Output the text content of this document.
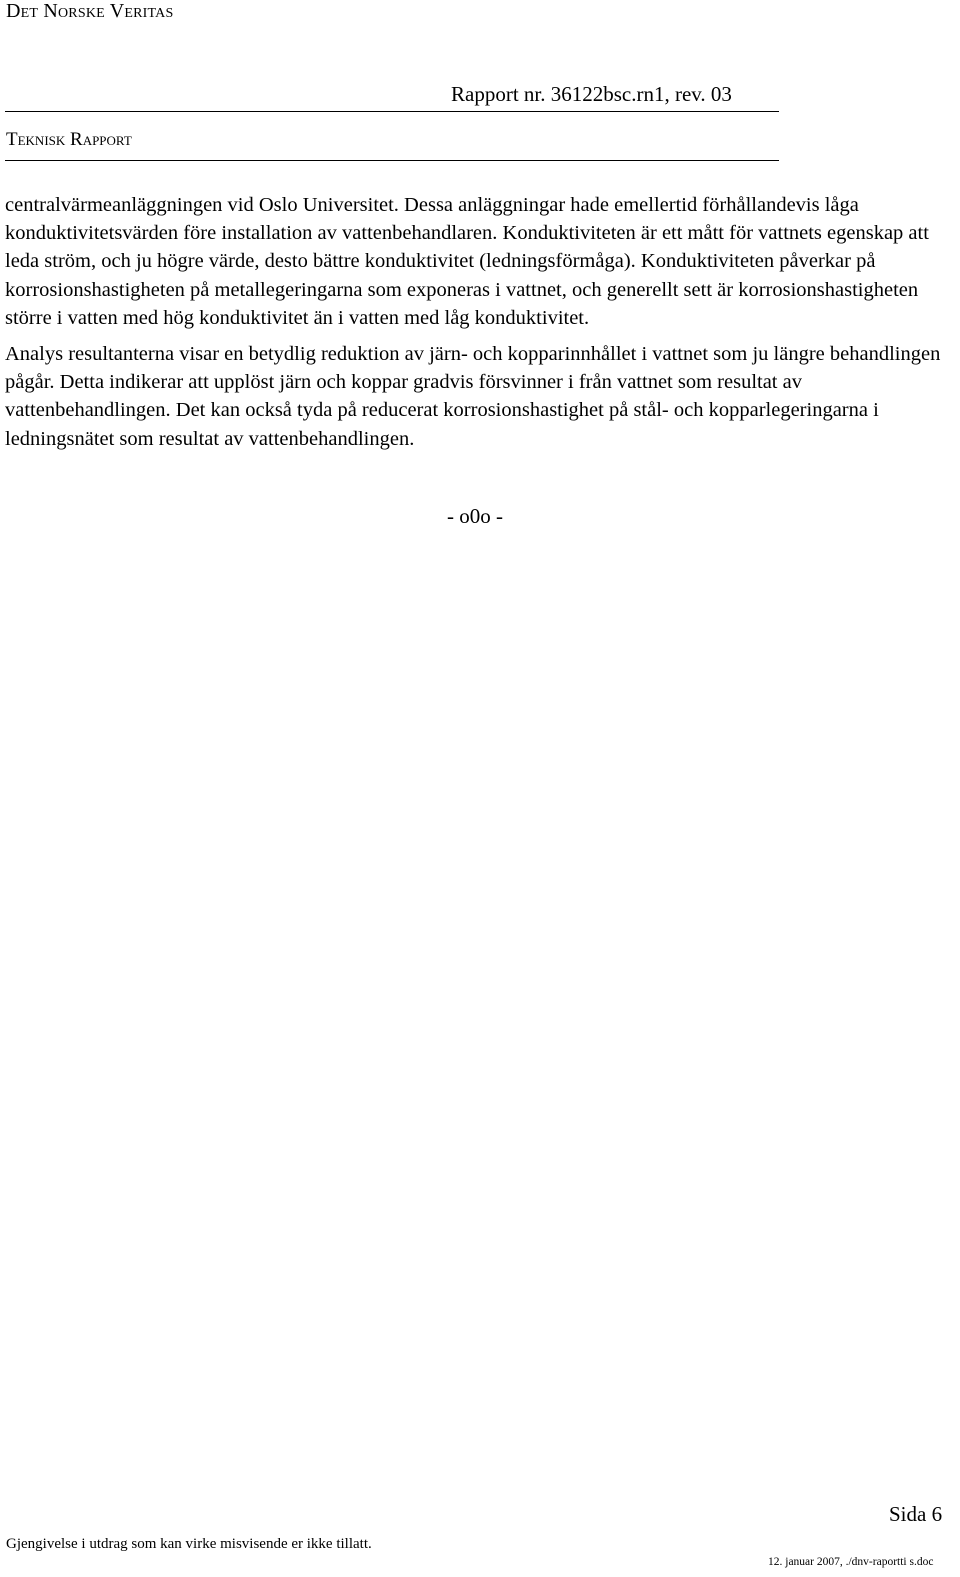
Det Norske Veritas
Rapport nr. 36122bsc.rn1, rev. 03
Teknisk Rapport

centralvärmeanläggningen vid Oslo Universitet. Dessa anläggningar hade emellertid förhållandevis låga konduktivitetsvärden före installation av vattenbehandlaren. Konduktiviteten är ett mått för vattnets egenskap att leda ström, och ju högre värde, desto bättre konduktivitet (ledningsförmåga). Konduktiviteten påverkar på korrosionshastigheten på metallegeringarna som exponeras i vattnet, och generellt sett är korrosionshastigheten större i vatten med hög konduktivitet än i vatten med låg konduktivitet.

Analys resultanterna visar en betydlig reduktion av järn- och kopparinnhållet i vattnet som ju längre behandlingen pågår. Detta indikerar att upplöst järn och koppar gradvis försvinner i från vattnet som resultat av vattenbehandlingen. Det kan också tyda på reducerat korrosionshastighet på stål- och kopparlegeringarna i ledningsnätet som resultat av vattenbehandlingen.

- o0o -
Sida 6
Gjengivelse i utdrag som kan virke misvisende er ikke tillatt.
12. januar 2007, ./dnv-raportti s.doc
